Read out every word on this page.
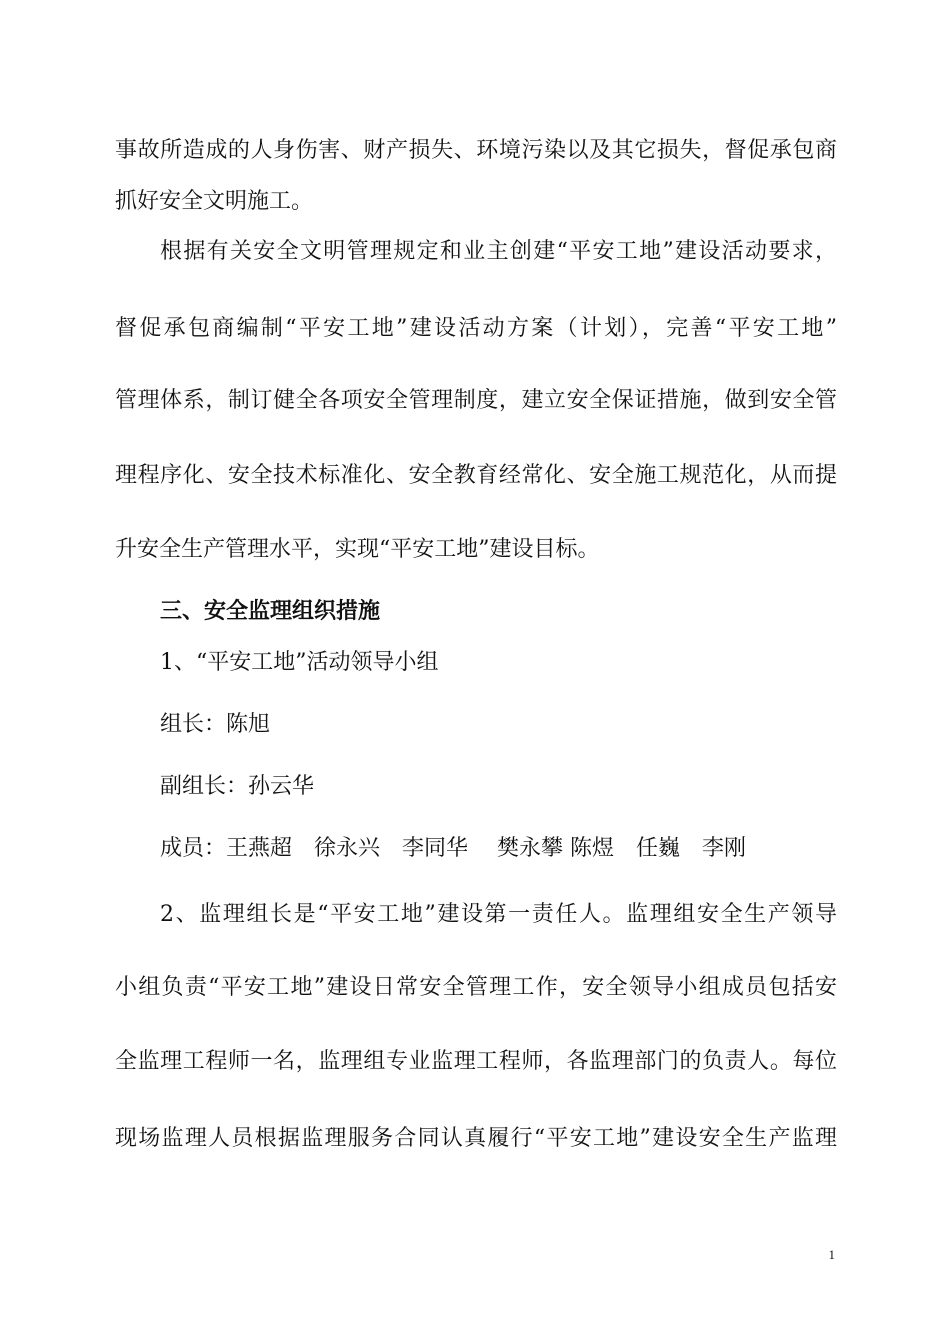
事故所造成的人身伤害、财产损失、环境污染以及其它损失，督促承包商

抓好安全文明施工。

根据有关安全文明管理规定和业主创建“平安工地”建设活动要求，

督促承包商编制“平安工地”建设活动方案（计划），完善“平安工地”

管理体系，制订健全各项安全管理制度，建立安全保证措施，做到安全管

理程序化、安全技术标准化、安全教育经常化、安全施工规范化，从而提

升安全生产管理水平，实现“平安工地”建设目标。

三、安全监理组织措施

1、“平安工地”活动领导小组

组长：陈旭

副组长：孙云华

成员：王燕超　徐永兴　李同华　 樊永攀 陈煜　任巍　李刚

2、监理组长是“平安工地”建设第一责任人。监理组安全生产领导

小组负责“平安工地”建设日常安全管理工作，安全领导小组成员包括安

全监理工程师一名，监理组专业监理工程师，各监理部门的负责人。每位

现场监理人员根据监理服务合同认真履行“平安工地”建设安全生产监理

1
